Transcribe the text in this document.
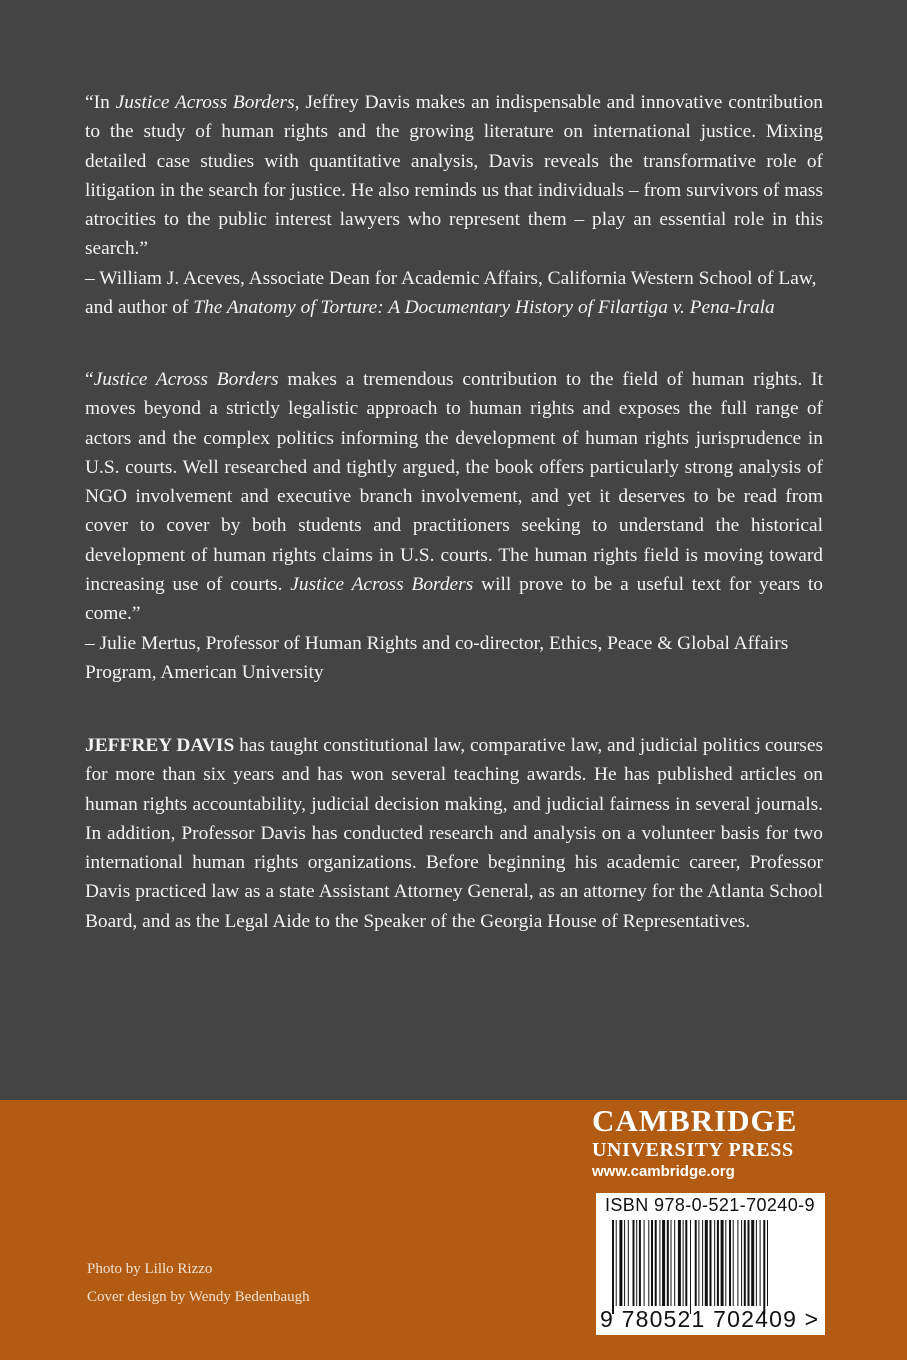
“In Justice Across Borders, Jeffrey Davis makes an indispensable and innovative contribution to the study of human rights and the growing literature on international justice. Mixing detailed case studies with quantitative analysis, Davis reveals the transformative role of litigation in the search for justice. He also reminds us that individuals – from survivors of mass atrocities to the public interest lawyers who represent them – play an essential role in this search.”

– William J. Aceves, Associate Dean for Academic Affairs, California Western School of Law, and author of The Anatomy of Torture: A Documentary History of Filartiga v. Pena-Irala

“Justice Across Borders makes a tremendous contribution to the field of human rights. It moves beyond a strictly legalistic approach to human rights and exposes the full range of actors and the complex politics informing the development of human rights jurisprudence in U.S. courts. Well researched and tightly argued, the book offers particularly strong analysis of NGO involvement and executive branch involvement, and yet it deserves to be read from cover to cover by both students and practitioners seeking to understand the historical development of human rights claims in U.S. courts. The human rights field is moving toward increasing use of courts. Justice Across Borders will prove to be a useful text for years to come.”

– Julie Mertus, Professor of Human Rights and co-director, Ethics, Peace & Global Affairs Program, American University

JEFFREY DAVIS has taught constitutional law, comparative law, and judicial politics courses for more than six years and has won several teaching awards. He has published articles on human rights accountability, judicial decision making, and judicial fairness in several journals. In addition, Professor Davis has conducted research and analysis on a volunteer basis for two international human rights organizations. Before beginning his academic career, Professor Davis practiced law as a state Assistant Attorney General, as an attorney for the Atlanta School Board, and as the Legal Aide to the Speaker of the Georgia House of Representatives.

Photo by Lillo Rizzo
Cover design by Wendy Bedenbaugh
CAMBRIDGE
UNIVERSITY PRESS
www.cambridge.org
ISBN 978-0-521-70240-9
9 780521 702409 >
